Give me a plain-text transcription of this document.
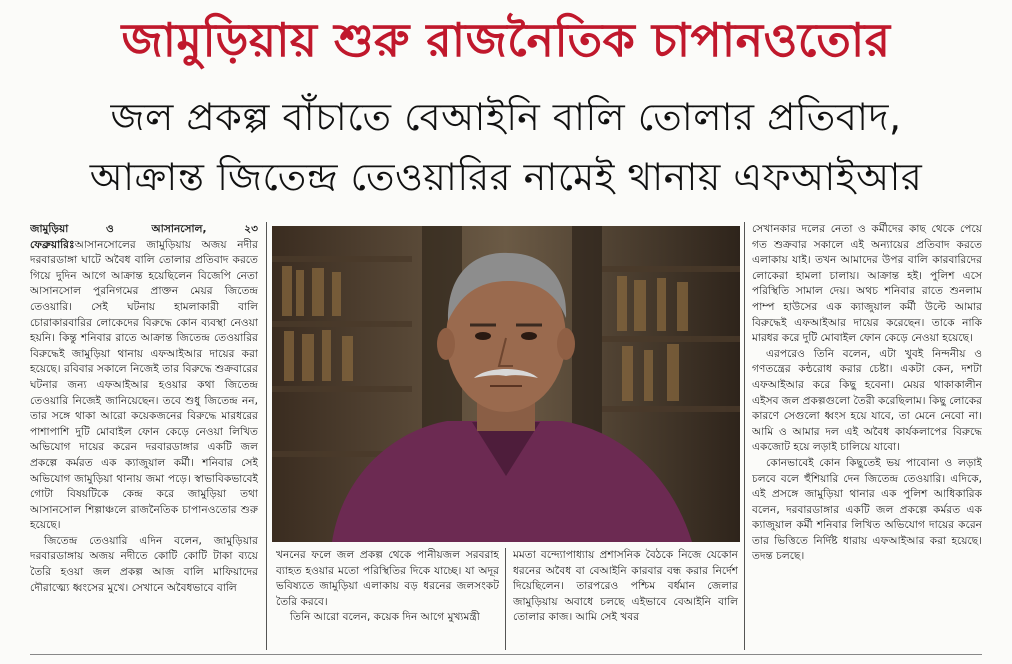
জামুড়িয়ায় শুরু রাজনৈতিক চাপানওতোর
জল প্রকল্প বাঁচাতে বেআইনি বালি তোলার প্রতিবাদ,
আক্রান্ত জিতেন্দ্র তেওয়ারির নামেই থানায় এফআইআর

জামুড়িয়া ও আসানসোল, ২৩ ফেব্রুয়ারিঃআসানসোলের জামুড়িয়ায় অজয় নদীর দরবারডাঙ্গা ঘাটে অবৈধ বালি তোলার প্রতিবাদ করতে গিয়ে দুদিন আগে আক্রান্ত হয়েছিলেন বিজেপি নেতা আসানসোল পুরনিগমের প্রাক্তন মেয়র জিতেন্দ্র তেওয়ারি। সেই ঘটনায় হামলাকারী বালি চোরাকারবারির লোকেদের বিরুদ্ধে কোন ব্যবস্থা নেওয়া হয়নি। কিন্তু শনিবার রাতে আক্রান্ত জিতেন্দ্র তেওয়ারির বিরুদ্ধেই জামুড়িয়া থানায় এফআইআর দায়ের করা হয়েছে। রবিবার সকালে নিজেই তার বিরুদ্ধে শুক্রবারের ঘটনার জন্য এফআইআর হওয়ার কথা জিতেন্দ্র তেওয়ারি নিজেই জানিয়েছেন। তবে শুধু জিতেন্দ্র নন, তার সঙ্গে থাকা আরো কয়েকজনের বিরুদ্ধে মারধরের পাশাপাশি দুটি মোবাইল ফোন কেড়ে নেওয়া লিখিত অভিযোগ দায়ের করেন দরবারডাঙ্গার একটি জল প্রকল্পে কর্মরত এক ক্যাজুয়াল কর্মী। শনিবার সেই অভিযোগ জামুড়িয়া থানায় জমা পড়ে। স্বাভাবিকভাবেই গোটা বিষয়টিকে কেন্দ্র করে জামুড়িয়া তথা আসানসোল শিল্পাঞ্চলে রাজনৈতিক চাপানওতোর শুরু হয়েছে।

জিতেন্দ্র তেওয়ারি এদিন বলেন, জামুড়িয়ার দরবারডাঙ্গায় অজয় নদীতে কোটি কোটি টাকা ব্যয়ে তৈরি হওয়া জল প্রকল্প আজ বালি মাফিয়াদের দৌরাত্ম্যে ধ্বংসের মুখে। সেখানে অবৈধভাবে বালি

খননের ফলে জল প্রকল্প থেকে পানীয়জল সরবরাহ ব্যাহত হওয়ার মতো পরিস্থিতির দিকে যাচ্ছে। যা অদূর ভবিষ্যতে জামুড়িয়া এলাকায় বড় ধরনের জলসংকট তৈরি করবে।

তিনি আরো বলেন, কয়েক দিন আগে মুখ্যমন্ত্রী

মমতা বন্দ্যোপাধ্যায় প্রশাসনিক বৈঠকে নিজে যেকোন ধরনের অবৈধ বা বেআইনি কারবার বন্ধ করার নির্দেশ দিয়েছিলেন। তারপরেও পশ্চিম বর্ধমান জেলার জামুড়িয়ায় অবাধে চলছে এইভাবে বেআইনি বালি তোলার কাজ। আমি সেই খবর

সেখানকার দলের নেতা ও কর্মীদের কাছ থেকে পেয়ে গত শুক্রবার সকালে এই অন্যায়ের প্রতিবাদ করতে এলাকায় যাই। তখন আমাদের উপর বালি কারবারিদের লোকেরা হামলা চালায়। আক্রান্ত হই। পুলিশ এসে পরিস্থিতি সামাল দেয়। অথচ শনিবার রাতে শুনলাম পাম্প হাউসের এক ক্যাজুয়াল কর্মী উল্টে আমার বিরুদ্ধেই এফআইআর দায়ের করেছেন। তাকে নাকি মারধর করে দুটি মোবাইল ফোন কেড়ে নেওয়া হয়েছে।

এরপরেও তিনি বলেন, এটা খুবই নিন্দনীয় ও গণতন্ত্রের কন্ঠরোধ করার চেষ্টা। একটা কেন, দশটা এফআইআর করে কিছু হবেনা। মেয়র থাকাকালীন এইসব জল প্রকল্পগুলো তৈরী করেছিলাম। কিছু লোকের কারণে সেগুলো ধ্বংস হয়ে যাবে, তা মেনে নেবো না। আমি ও আমার দল এই অবৈধ কার্যকলাপের বিরুদ্ধে একজোট হয়ে লড়াই চালিয়ে যাবো।

কোনভাবেই কোন কিছুতেই ভয় পাবোনা ও লড়াই চলবে বলে হুঁশিয়ারি দেন জিতেন্দ্র তেওয়ারি। এদিকে, এই প্রসঙ্গে জামুড়িয়া থানার এক পুলিশ আধিকারিক বলেন, দরবারডাঙ্গার একটি জল প্রকল্পে কর্মরত এক ক্যাজুয়াল কর্মী শনিবার লিখিত অভিযোগ দায়ের করেন তার ভিত্তিতে নির্দিষ্ট ধারায় এফআইআর করা হয়েছে। তদন্ত চলছে।
